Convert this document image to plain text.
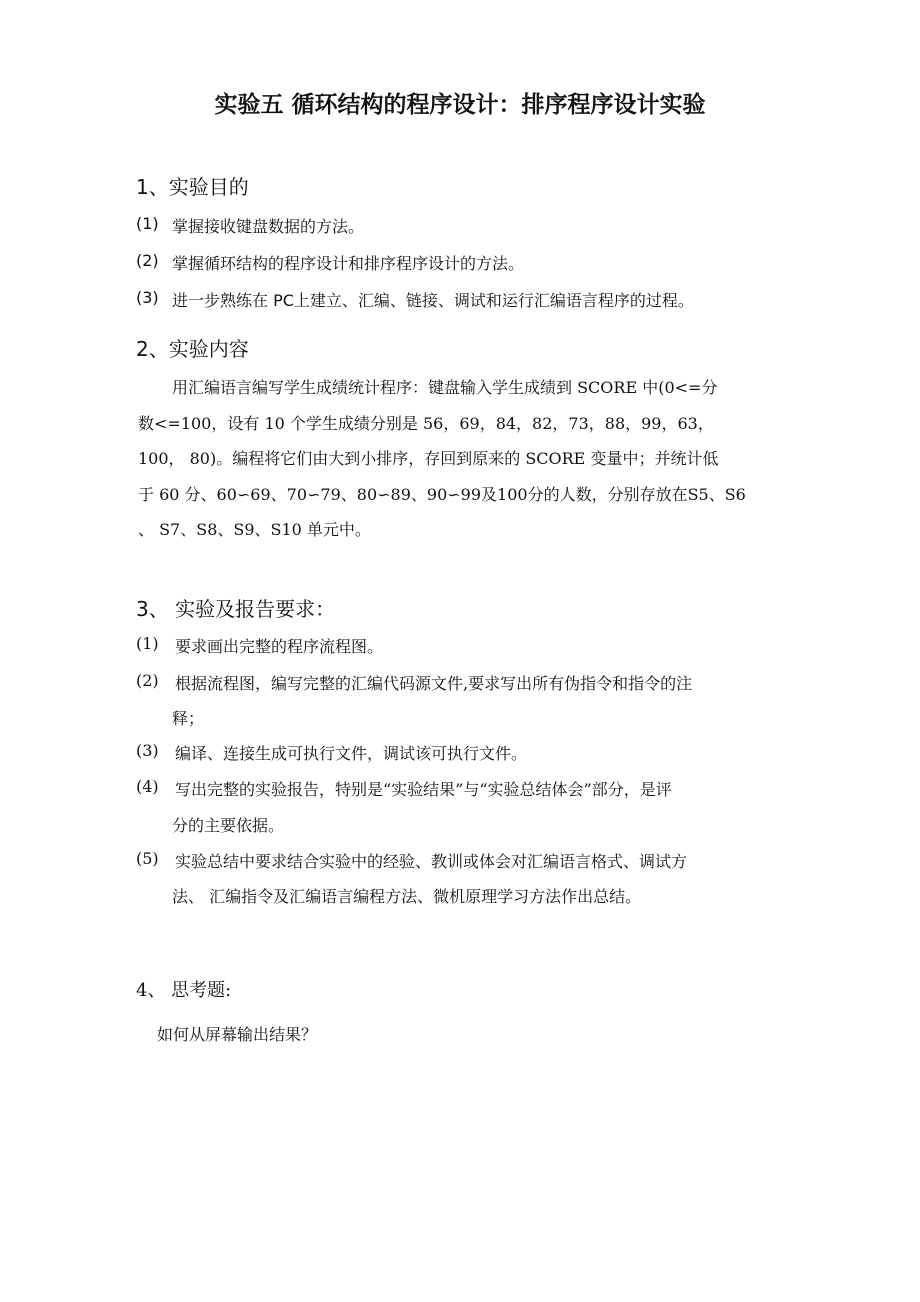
实验五 循环结构的程序设计：排序程序设计实验
1、实验目的
(1) 掌握接收键盘数据的方法。
(2) 掌握循环结构的程序设计和排序程序设计的方法。
(3) 进一步熟练在 PC上建立、汇编、链接、调试和运行汇编语言程序的过程。
2、实验内容
用汇编语言编写学生成绩统计程序：键盘输入学生成绩到 SCORE 中(0<=分
数<=100，设有 10 个学生成绩分别是 56，69，84，82，73，88，99，63，
100， 80)。编程将它们由大到小排序，存回到原来的 SCORE 变量中；并统计低
于 60 分、60∽69、70∽79、80∽89、90∽99及100分的人数，分别存放在S5、S6
、 S7、S8、S9、S10 单元中。
3、 实验及报告要求：
(1) 要求画出完整的程序流程图。
(2) 根据流程图，编写完整的汇编代码源文件,要求写出所有伪指令和指令的注
释；
(3) 编译、连接生成可执行文件，调试该可执行文件。
(4) 写出完整的实验报告，特别是“实验结果”与“实验总结体会”部分，是评
分的主要依据。
(5) 实验总结中要求结合实验中的经验、教训或体会对汇编语言格式、调试方
法、 汇编指令及汇编语言编程方法、微机原理学习方法作出总结。
4、 思考题:
如何从屏幕输出结果？
